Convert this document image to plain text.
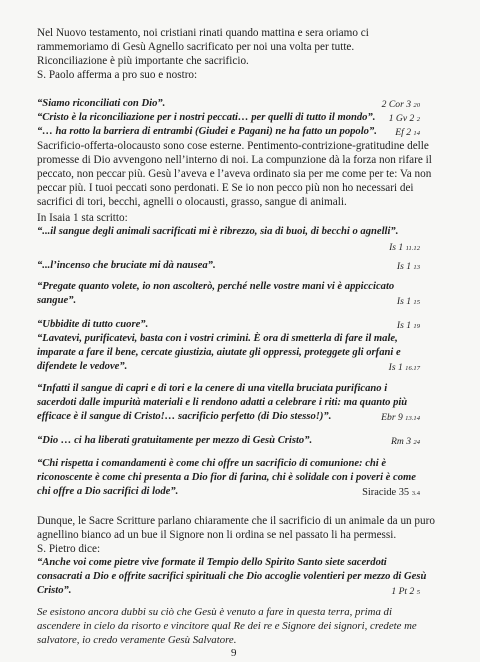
Nel Nuovo testamento, noi cristiani rinati quando mattina e sera oriamo ci
rammemoriamo di Gesù Agnello sacrificato per noi una volta per tutte.
Riconciliazione è più importante che sacrificio.
S. Paolo afferma a pro suo e nostro:
“Siamo riconciliati con Dio”.	2 Cor 3 20
“Cristo è la riconciliazione per i nostri peccati… per quelli di tutto il mondo”. 1 Gv 2 2
“… ha rotto la barriera di entrambi (Giudei e Pagani) ne ha fatto un popolo”. Ef 2 14
Sacrificio-offerta-olocausto sono cose esterne. Pentimento-contrizione-gratitudine delle
promesse di Dio avvengono nell’interno di noi. La compunzione dà la forza non rifare il
peccato, non peccar più. Gesù l’aveva e l’aveva ordinato sia per me come per te: Va non
peccar più. I tuoi peccati sono perdonati. E Se io non pecco più non ho necessari dei
sacrifici di tori, becchi, agnelli o olocausti, grasso, sangue di animali.
In Isaia 1 sta scritto:
“...il sangue degli animali sacrificati mi è ribrezzo, sia di buoi, di becchi o agnelli”.
Is 1 11.12
“...l’incenso che bruciate mi dà nausea”.	Is 1 13
“Pregate quanto volete, io non ascolterò, perché nelle vostre mani vi è appiccicato
sangue”.	Is 1 15
“Ubbidite di tutto cuore”.	Is 1 19
“Lavatevi, purificatevi, basta con i vostri crimini. È ora di smetterla di fare il male,
imparate a fare il bene, cercate giustizia, aiutate gli oppressi, proteggete gli orfani e
difendete le vedove”.	Is 1 16.17
“Infatti il sangue di capri e di tori e la cenere di una vitella bruciata purificano i
sacerdoti dalle impurità materiali e li rendono adatti a celebrare i riti: ma quanto più
efficace è il sangue di Cristo!… sacrificio perfetto (di Dio stesso!)”.	Ebr 9 13.14
“Dio … ci ha liberati gratuitamente per mezzo di Gesù Cristo”.	Rm 3 24
“Chi rispetta i comandamenti è come chi offre un sacrificio di comunione: chi è
riconoscente è come chi presenta a Dio fior di farina, chi è solidale con i poveri è come
chi offre a Dio sacrifici di lode”.	Siracide 35 3.4
Dunque, le Sacre Scritture parlano chiaramente che il sacrificio di un animale da un puro
agnellino bianco ad un bue il Signore non li ordina se nel passato li ha permessi.
S. Pietro dice:
“Anche voi come pietre vive formate il Tempio dello Spirito Santo siete sacerdoti
consacrati a Dio e offrite sacrifici spirituali che Dio accoglie volentieri per mezzo di Gesù
Cristo”.	1 Pt 2 5
Se esistono ancora dubbi su ciò che Gesù è venuto a fare in questa terra, prima di
ascendere in cielo da risorto e vincitore qual Re dei re e Signore dei signori, credete me
salvatore, io credo veramente Gesù Salvatore.
9
